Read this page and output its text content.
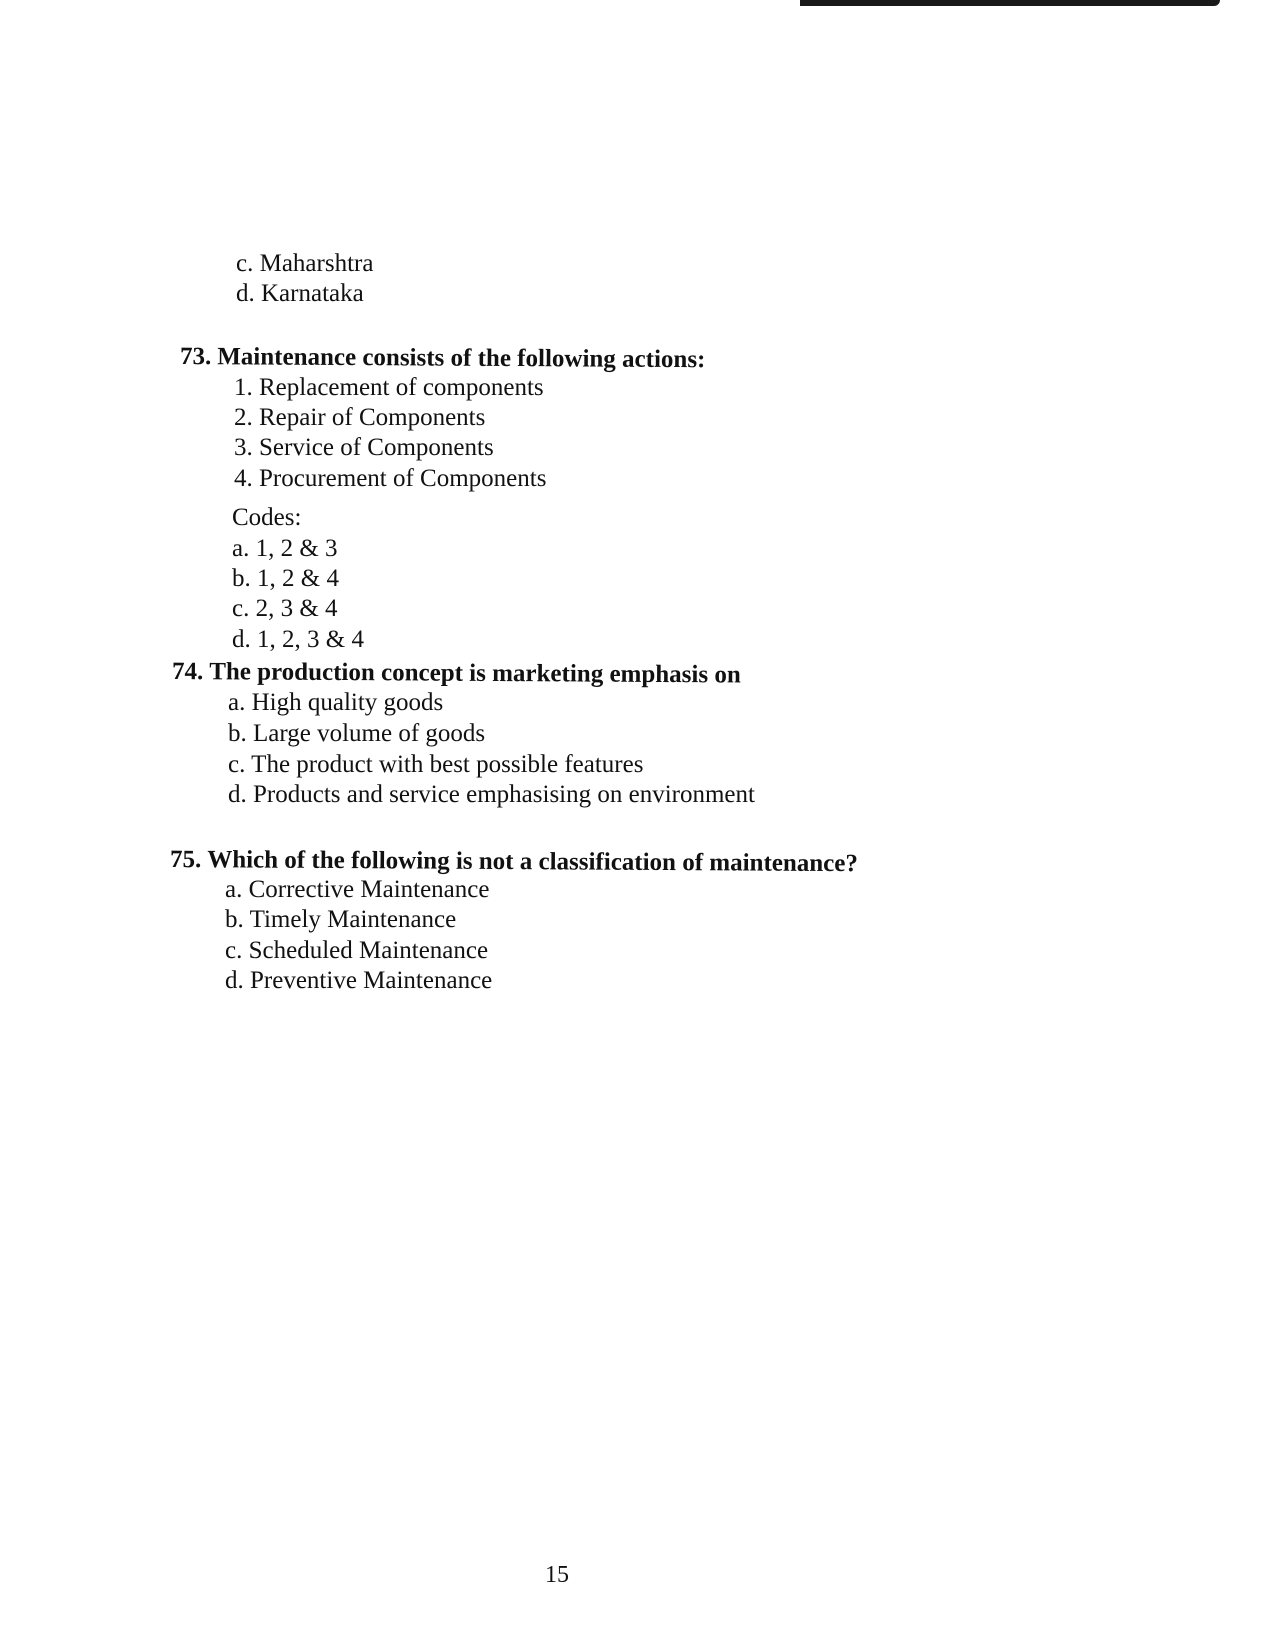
c. Maharshtra
d. Karnataka
73. Maintenance consists of the following actions:
1. Replacement of components
2. Repair of Components
3. Service of Components
4. Procurement of Components
Codes:
a. 1, 2 & 3
b. 1, 2 & 4
c. 2, 3 & 4
d. 1, 2, 3 & 4
74. The production concept is marketing emphasis on
a. High quality goods
b. Large volume of goods
c. The product with best possible features
d. Products and service emphasising on environment
75. Which of the following is not a classification of maintenance?
a. Corrective Maintenance
b. Timely Maintenance
c. Scheduled Maintenance
d. Preventive Maintenance
15
